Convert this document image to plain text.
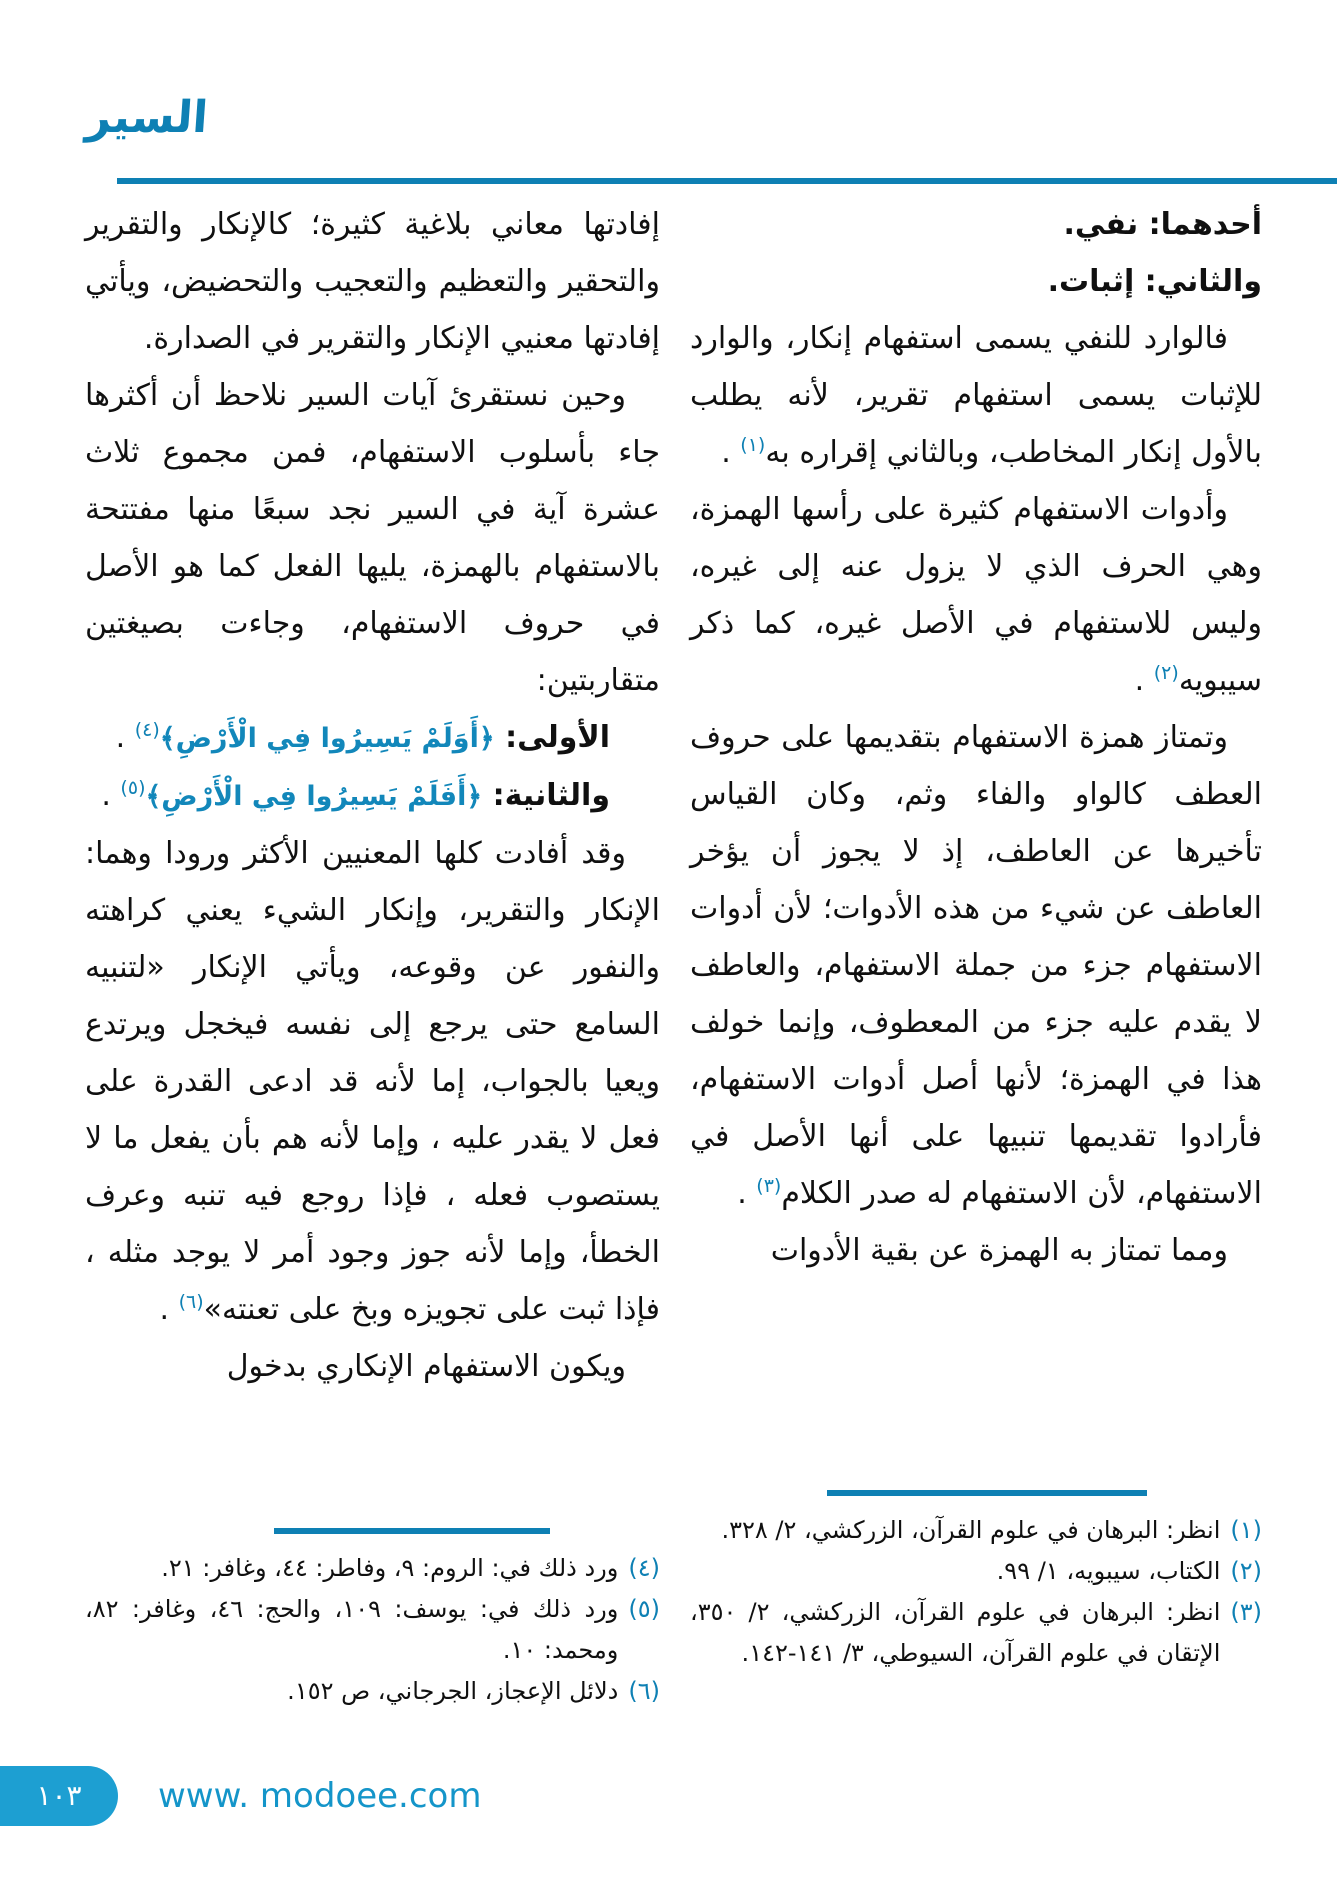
السير

أحدهما: نفي.

والثاني: إثبات.

فالوارد للنفي يسمى استفهام إنكار، والوارد للإثبات يسمى استفهام تقرير، لأنه يطلب بالأول إنكار المخاطب، وبالثاني إقراره به$^{(١)}$ .

وأدوات الاستفهام كثيرة على رأسها الهمزة، وهي الحرف الذي لا يزول عنه إلى غيره، وليس للاستفهام في الأصل غيره، كما ذكر سيبويه$^{(٢)}$ .

وتمتاز همزة الاستفهام بتقديمها على حروف العطف كالواو والفاء وثم، وكان القياس تأخيرها عن العاطف، إذ لا يجوز أن يؤخر العاطف عن شيء من هذه الأدوات؛ لأن أدوات الاستفهام جزء من جملة الاستفهام، والعاطف لا يقدم عليه جزء من المعطوف، وإنما خولف هذا في الهمزة؛ لأنها أصل أدوات الاستفهام، فأرادوا تقديمها تنبيها على أنها الأصل في الاستفهام، لأن الاستفهام له صدر الكلام$^{(٣)}$ .

ومما تمتاز به الهمزة عن بقية الأدوات

إفادتها معاني بلاغية كثيرة؛ كالإنكار والتقرير والتحقير والتعظيم والتعجيب والتحضيض، ويأتي إفادتها معنيي الإنكار والتقرير في الصدارة.

وحين نستقرئ آيات السير نلاحظ أن أكثرها جاء بأسلوب الاستفهام، فمن مجموع ثلاث عشرة آية في السير نجد سبعًا منها مفتتحة بالاستفهام بالهمزة، يليها الفعل كما هو الأصل في حروف الاستفهام، وجاءت بصيغتين متقاربتين:

الأولى: ﴿أَوَلَمْ يَسِيرُوا فِي الْأَرْضِ﴾$^{(٤)}$ .

والثانية: ﴿أَفَلَمْ يَسِيرُوا فِي الْأَرْضِ﴾$^{(٥)}$ .

وقد أفادت كلها المعنيين الأكثر ورودا وهما: الإنكار والتقرير، وإنكار الشيء يعني كراهته والنفور عن وقوعه، ويأتي الإنكار «لتنبيه السامع حتى يرجع إلى نفسه فيخجل ويرتدع ويعيا بالجواب، إما لأنه قد ادعى القدرة على فعل لا يقدر عليه ، وإما لأنه هم بأن يفعل ما لا يستصوب فعله ، فإذا روجع فيه تنبه وعرف الخطأ، وإما لأنه جوز وجود أمر لا يوجد مثله ، فإذا ثبت على تجويزه وبخ على تعنته»$^{(٦)}$ .

ويكون الاستفهام الإنكاري بدخول

(١)
انظر: البرهان في علوم القرآن، الزركشي، ٢/ ٣٢٨.
(٢)
الكتاب، سيبويه، ١/ ٩٩.
(٣)
انظر: البرهان في علوم القرآن، الزركشي، ٢/ ٣٥٠، الإتقان في علوم القرآن، السيوطي، ٣/ ١٤١-١٤٢.
(٤)
ورد ذلك في: الروم: ٩، وفاطر: ٤٤، وغافر: ٢١.
(٥)
ورد ذلك في: يوسف: ١٠٩، والحج: ٤٦، وغافر: ٨٢، ومحمد: ١٠.
(٦)
دلائل الإعجاز، الجرجاني، ص ١٥٢.
١٠٣	www. modoee.com
